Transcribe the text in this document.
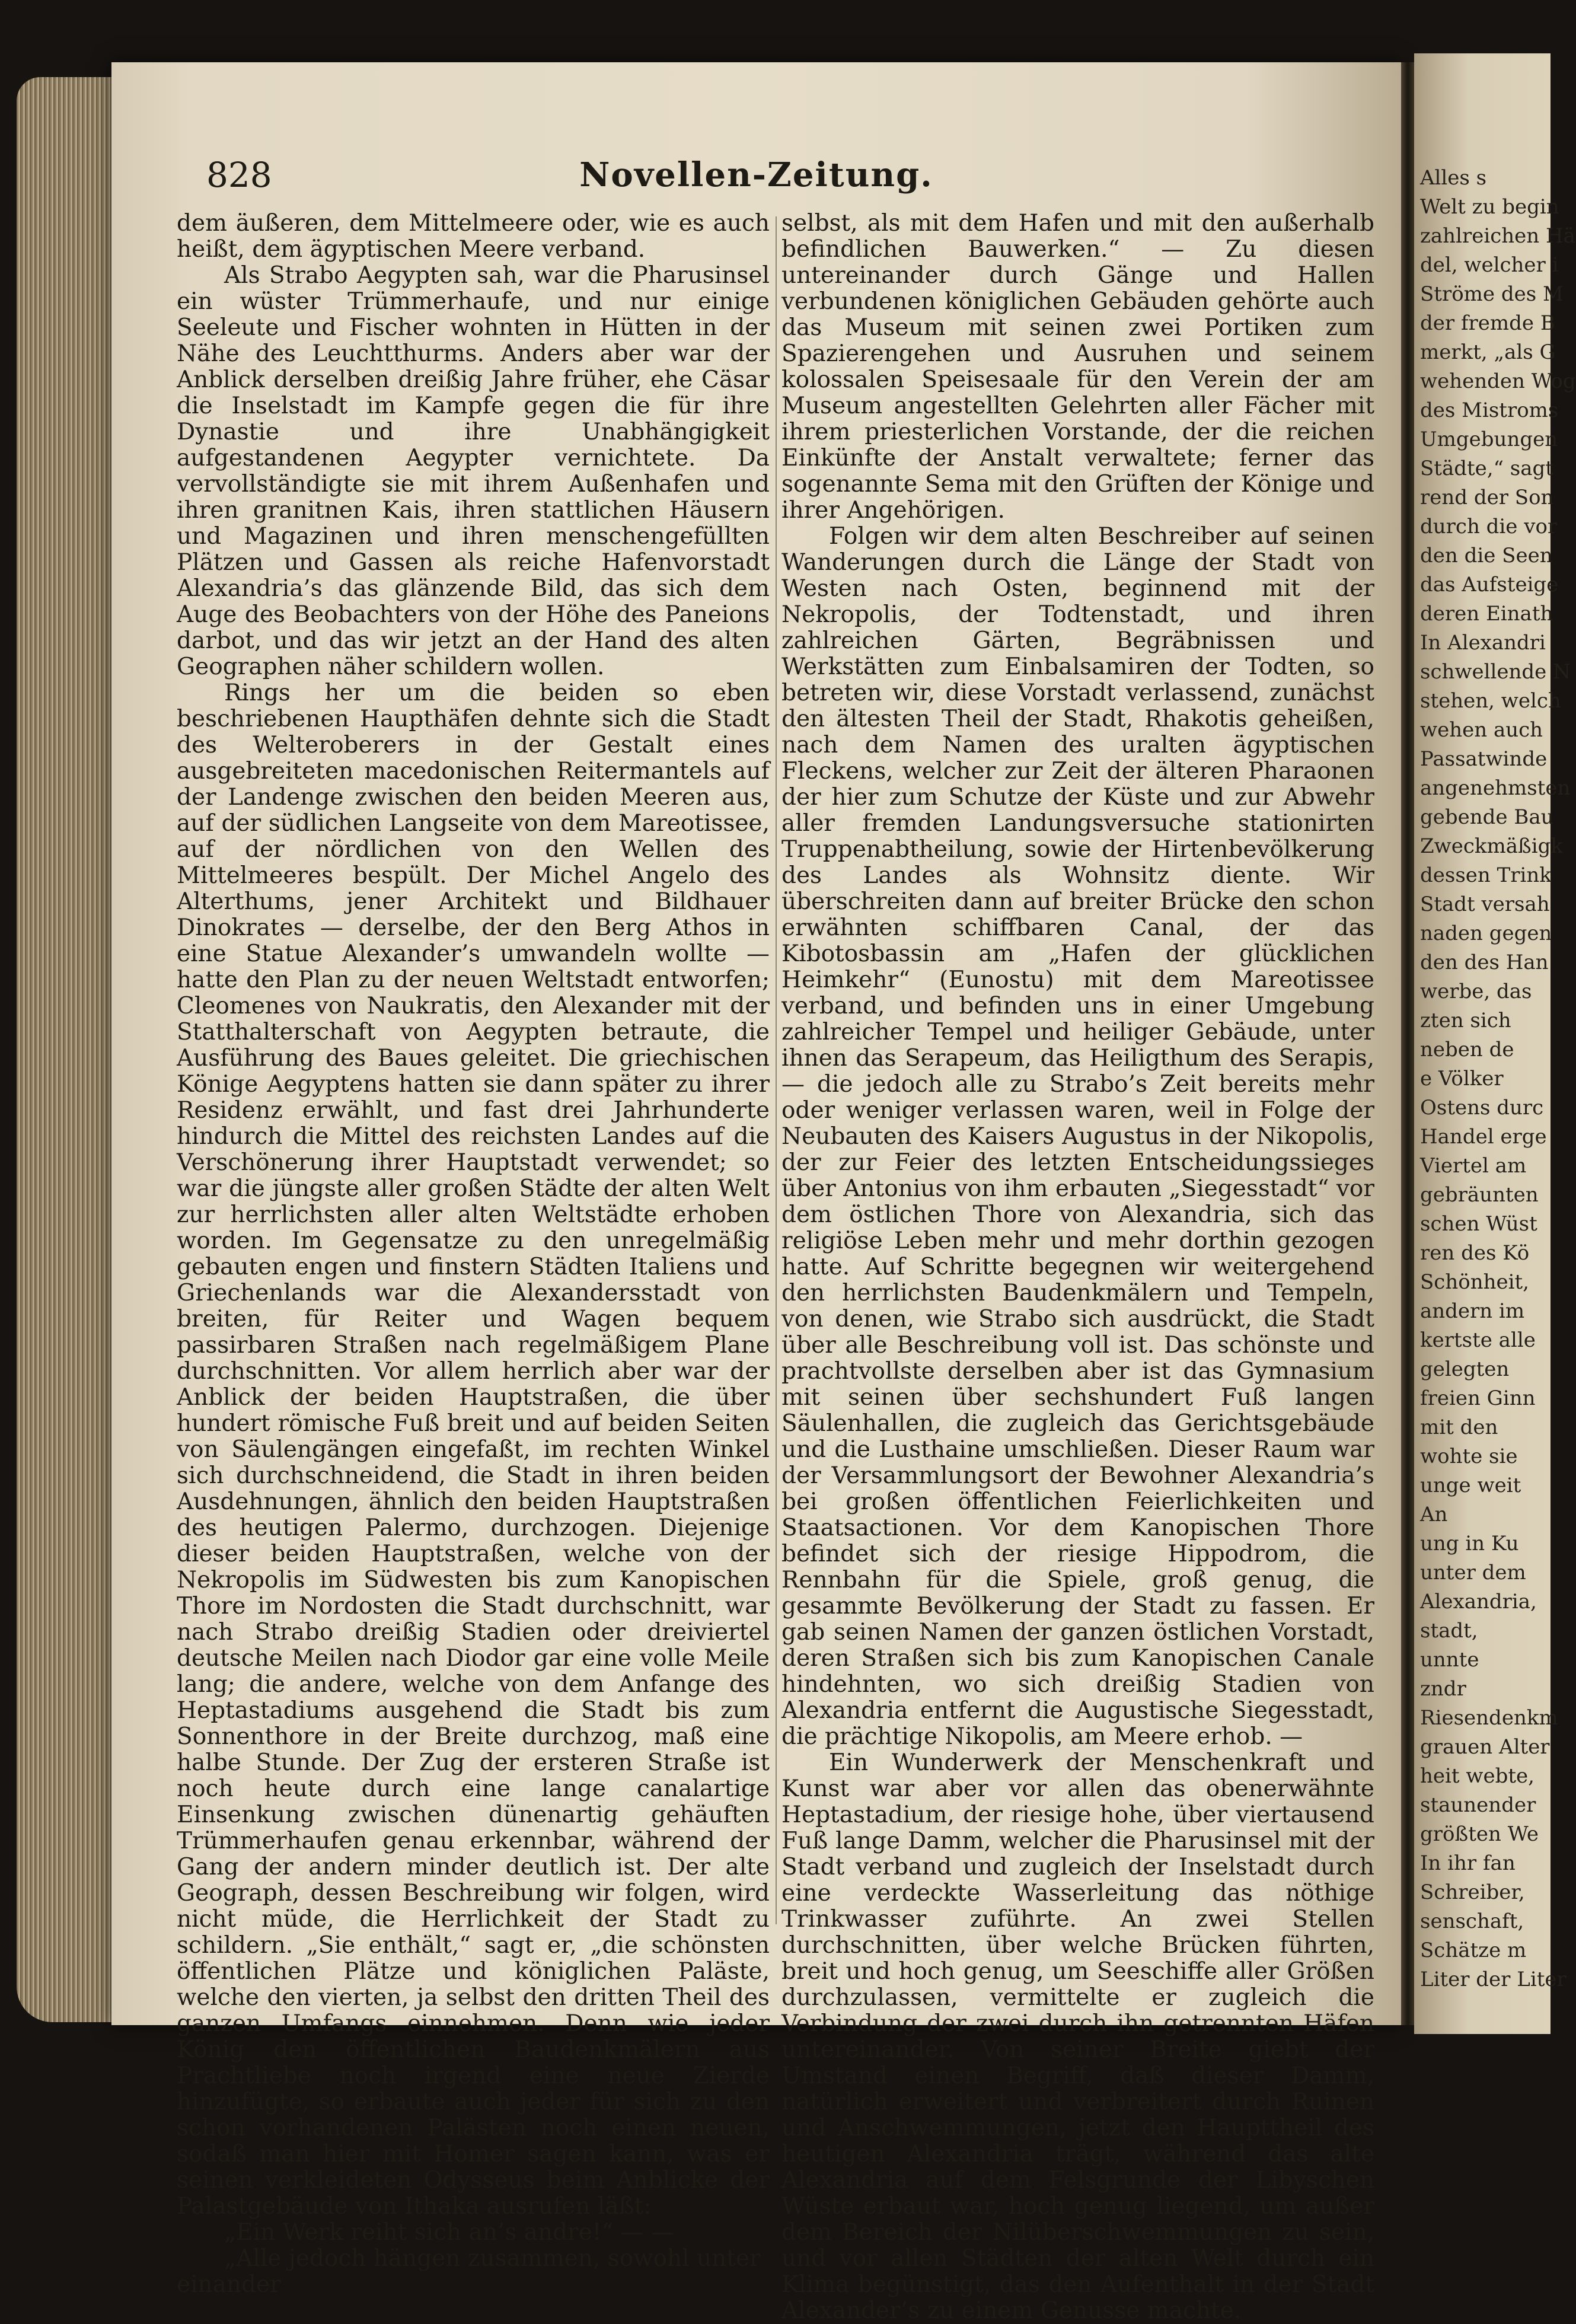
828	Novellen-Zeitung.

dem äußeren, dem Mittelmeere oder, wie es auch heißt, dem ägyptischen Meere verband.

Als Strabo Aegypten sah, war die Pharusinsel ein wüster Trümmerhaufe, und nur einige Seeleute und Fischer wohnten in Hütten in der Nähe des Leuchtthurms. Anders aber war der Anblick derselben dreißig Jahre früher, ehe Cäsar die Inselstadt im Kampfe gegen die für ihre Dynastie und ihre Unabhängigkeit aufgestandenen Aegypter vernichtete. Da vervollständigte sie mit ihrem Außenhafen und ihren granitnen Kais, ihren stattlichen Häusern und Magazinen und ihren menschengefüllten Plätzen und Gassen als reiche Hafenvorstadt Alexandria’s das glänzende Bild, das sich dem Auge des Beobachters von der Höhe des Paneions darbot, und das wir jetzt an der Hand des alten Geographen näher schildern wollen.

Rings her um die beiden so eben beschriebenen Haupthäfen dehnte sich die Stadt des Welteroberers in der Gestalt eines ausgebreiteten macedonischen Reitermantels auf der Landenge zwischen den beiden Meeren aus, auf der südlichen Langseite von dem Mareotissee, auf der nördlichen von den Wellen des Mittelmeeres bespült. Der Michel Angelo des Alterthums, jener Architekt und Bildhauer Dinokrates — derselbe, der den Berg Athos in eine Statue Alexander’s umwandeln wollte — hatte den Plan zu der neuen Weltstadt entworfen; Cleomenes von Naukratis, den Alexander mit der Statthalterschaft von Aegypten betraute, die Ausführung des Baues geleitet. Die griechischen Könige Aegyptens hatten sie dann später zu ihrer Residenz erwählt, und fast drei Jahrhunderte hindurch die Mittel des reichsten Landes auf die Verschönerung ihrer Hauptstadt verwendet; so war die jüngste aller großen Städte der alten Welt zur herrlichsten aller alten Weltstädte erhoben worden. Im Gegensatze zu den unregelmäßig gebauten engen und finstern Städten Italiens und Griechenlands war die Alexandersstadt von breiten, für Reiter und Wagen bequem passirbaren Straßen nach regelmäßigem Plane durchschnitten. Vor allem herrlich aber war der Anblick der beiden Hauptstraßen, die über hundert römische Fuß breit und auf beiden Seiten von Säulengängen eingefaßt, im rechten Winkel sich durchschneidend, die Stadt in ihren beiden Ausdehnungen, ähnlich den beiden Hauptstraßen des heutigen Palermo, durchzogen. Diejenige dieser beiden Hauptstraßen, welche von der Nekropolis im Südwesten bis zum Kanopischen Thore im Nordosten die Stadt durchschnitt, war nach Strabo dreißig Stadien oder dreiviertel deutsche Meilen nach Diodor gar eine volle Meile lang; die andere, welche von dem Anfange des Heptastadiums ausgehend die Stadt bis zum Sonnenthore in der Breite durchzog, maß eine halbe Stunde. Der Zug der ersteren Straße ist noch heute durch eine lange canalartige Einsenkung zwischen dünenartig gehäuften Trümmerhaufen genau erkennbar, während der Gang der andern minder deutlich ist. Der alte Geograph, dessen Beschreibung wir folgen, wird nicht müde, die Herrlichkeit der Stadt zu schildern. „Sie enthält,“ sagt er, „die schönsten öffentlichen Plätze und königlichen Paläste, welche den vierten, ja selbst den dritten Theil des ganzen Umfangs einnehmen. Denn wie jeder König den öffentlichen Baudenkmälern aus Prachtliebe noch irgend eine neue Zierde hinzufügte, so erbaute auch jeder für sich zu den schon vorhandenen Palästen noch einen neuen, sodaß man hier mit Homer sagen kann, was er seinen verkleideten Odysseus beim Anblicke der Palastgebäude von Ithaka ausrufen läßt:

„Ein Werk reiht sich an’s andre!“ — —

„Alle jedoch hängen zusammen, sowohl unter einander

selbst, als mit dem Hafen und mit den außerhalb befindlichen Bauwerken.“ — Zu diesen untereinander durch Gänge und Hallen verbundenen königlichen Gebäuden gehörte auch das Museum mit seinen zwei Portiken zum Spazierengehen und Ausruhen und seinem kolossalen Speisesaale für den Verein der am Museum angestellten Gelehrten aller Fächer mit ihrem priesterlichen Vorstande, der die reichen Einkünfte der Anstalt verwaltete; ferner das sogenannte Sema mit den Grüften der Könige und ihrer Angehörigen.

Folgen wir dem alten Beschreiber auf seinen Wanderungen durch die Länge der Stadt von Westen nach Osten, beginnend mit der Nekropolis, der Todtenstadt, und ihren zahlreichen Gärten, Begräbnissen und Werkstätten zum Einbalsamiren der Todten, so betreten wir, diese Vorstadt verlassend, zunächst den ältesten Theil der Stadt, Rhakotis geheißen, nach dem Namen des uralten ägyptischen Fleckens, welcher zur Zeit der älteren Pharaonen der hier zum Schutze der Küste und zur Abwehr aller fremden Landungsversuche stationirten Truppenabtheilung, sowie der Hirtenbevölkerung des Landes als Wohnsitz diente. Wir überschreiten dann auf breiter Brücke den schon erwähnten schiffbaren Canal, der das Kibotosbassin am „Hafen der glücklichen Heimkehr“ (Eunostu) mit dem Mareotissee verband, und befinden uns in einer Umgebung zahlreicher Tempel und heiliger Gebäude, unter ihnen das Serapeum, das Heiligthum des Serapis, — die jedoch alle zu Strabo’s Zeit bereits mehr oder weniger verlassen waren, weil in Folge der Neubauten des Kaisers Augustus in der Nikopolis, der zur Feier des letzten Entscheidungssieges über Antonius von ihm erbauten „Siegesstadt“ vor dem östlichen Thore von Alexandria, sich das religiöse Leben mehr und mehr dorthin gezogen hatte. Auf Schritte begegnen wir weitergehend den herrlichsten Baudenkmälern und Tempeln, von denen, wie Strabo sich ausdrückt, die Stadt über alle Beschreibung voll ist. Das schönste und prachtvollste derselben aber ist das Gymnasium mit seinen über sechshundert Fuß langen Säulenhallen, die zugleich das Gerichtsgebäude und die Lusthaine umschließen. Dieser Raum war der Versammlungsort der Bewohner Alexandria’s bei großen öffentlichen Feierlichkeiten und Staatsactionen. Vor dem Kanopischen Thore befindet sich der riesige Hippodrom, die Rennbahn für die Spiele, groß genug, die gesammte Bevölkerung der Stadt zu fassen. Er gab seinen Namen der ganzen östlichen Vorstadt, deren Straßen sich bis zum Kanopischen Canale hindehnten, wo sich dreißig Stadien von Alexandria entfernt die Augustische Siegesstadt, die prächtige Nikopolis, am Meere erhob. —

Ein Wunderwerk der Menschenkraft und Kunst war aber vor allen das obenerwähnte Heptastadium, der riesige hohe, über viertausend Fuß lange Damm, welcher die Pharusinsel mit der Stadt verband und zugleich der Inselstadt durch eine verdeckte Wasserleitung das nöthige Trinkwasser zuführte. An zwei Stellen durchschnitten, über welche Brücken führten, breit und hoch genug, um Seeschiffe aller Größen durchzulassen, vermittelte er zugleich die Verbindung der zwei durch ihn getrennten Häfen untereinander. Von seiner Breite giebt der Umstand einen Begriff, daß dieser Damm, natürlich erweitert und verbreitert durch Ruinen und Anschwemmungen, jetzt den Haupttheil des heutigen Alexandria trägt, während das alte Alexandria auf dem Felsgrunde der Libyschen Wüste erbaut war, hoch genug liegend, um außer dem Bereich der Nilüberschwemmungen zu sein, und vor allen Städten der alten Welt durch ein Klima begünstigt, das den Aufenthalt in der Stadt Alexander’s zu einem Genusse machte.

Alles s
Welt zu begin
zahlreichen Hä
del, welcher i
Ströme des M
der fremde B
merkt, „als G
wehenden Wog
des Mistroms
Umgebungen
Städte,“ sagt
rend der Son
durch die vor
den die Seen
das Aufsteige
deren Einath
In Alexandri
schwellende N
stehen, welch
wehen auch
Passatwinde
angenehmsten
gebende Bau
Zweckmäßigk
dessen Trink
Stadt versah
naden gegen
den des Han
werbe, das
zten sich
neben de
e Völker
Ostens durc
Handel erge
Viertel am
gebräunten
schen Wüst
ren des Kö
Schönheit,
andern im
kertste alle
gelegten
freien Ginn
mit den
wohte sie
unge weit
An
ung in Ku
unter dem
Alexandria,
stadt,
unnte
zndr
Riesendenkm
grauen Alter
heit webte,
staunender
größten We
In ihr fan
Schreiber,
senschaft,
Schätze m
Liter der Liter
